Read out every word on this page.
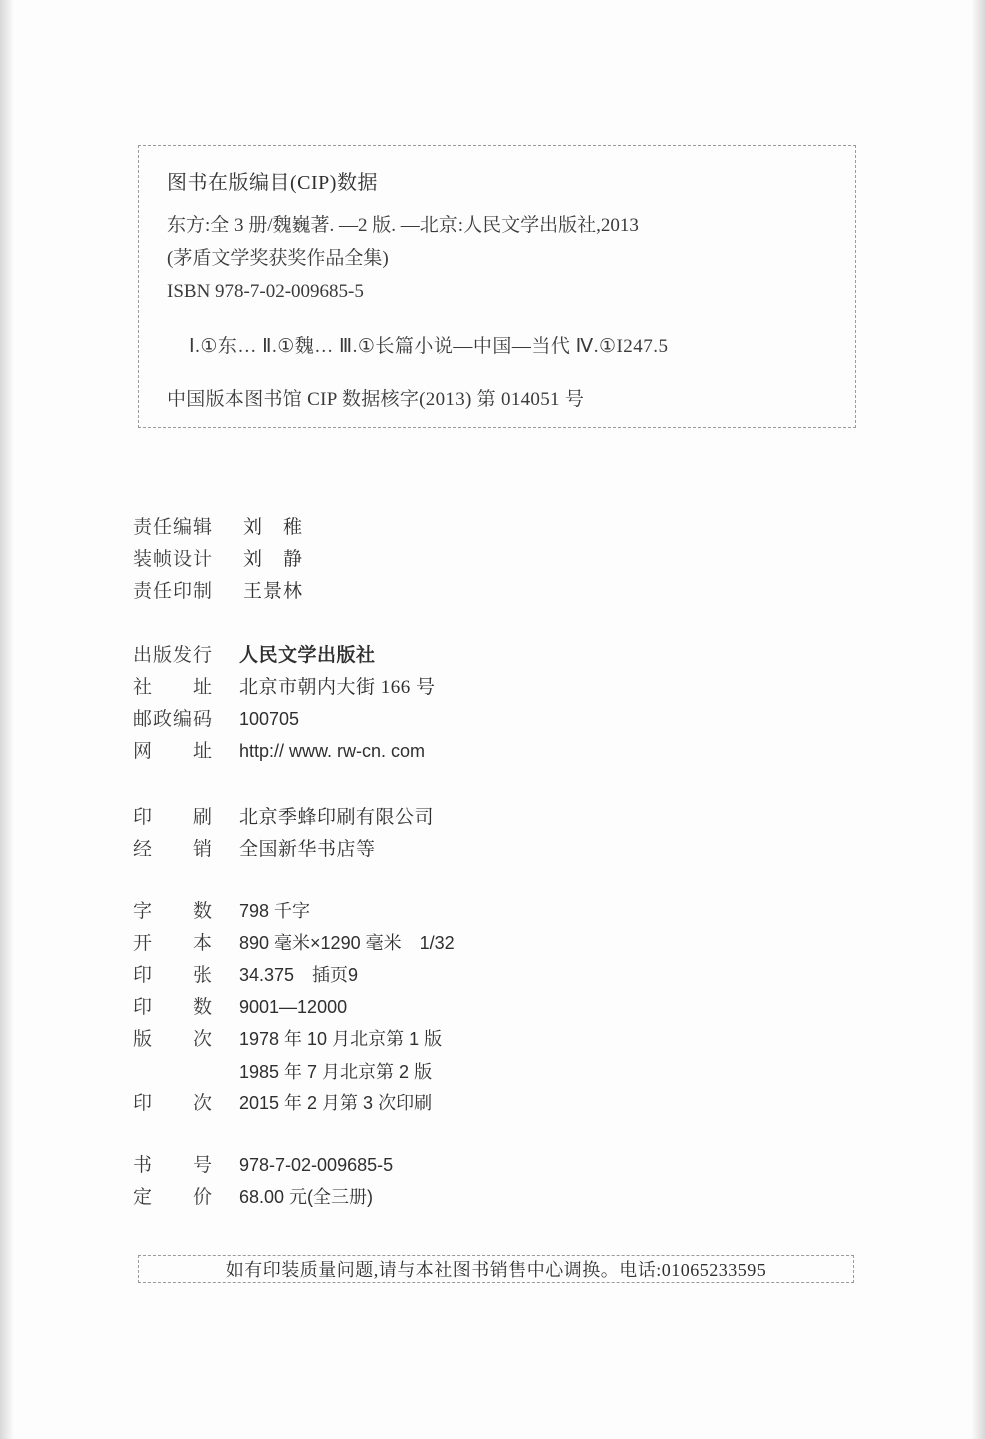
图书在版编目(CIP)数据
东方:全 3 册/魏巍著. —2 版. —北京:人民文学出版社,2013
(茅盾文学奖获奖作品全集)
ISBN 978-7-02-009685-5
Ⅰ.①东… Ⅱ.①魏… Ⅲ.①长篇小说—中国—当代 Ⅳ.①I247.5
中国版本图书馆 CIP 数据核字(2013) 第 014051 号
责任编辑	刘　稚
装帧设计	刘　静
责任印制	王景林
出版发行	人民文学出版社
社　　址	北京市朝内大街 166 号
邮政编码	100705
网　　址	http:// www. rw-cn. com
印　　刷	北京季蜂印刷有限公司
经　　销	全国新华书店等
字　　数	798 千字
开　　本	890 毫米×1290 毫米　1/32
印　　张	34.375　插页9
印　　数	9001—12000
版　　次	1978 年 10 月北京第 1 版
1985 年 7 月北京第 2 版
印　　次	2015 年 2 月第 3 次印刷
书　　号	978-7-02-009685-5
定　　价	68.00 元(全三册)
如有印装质量问题,请与本社图书销售中心调换。电话:01065233595
